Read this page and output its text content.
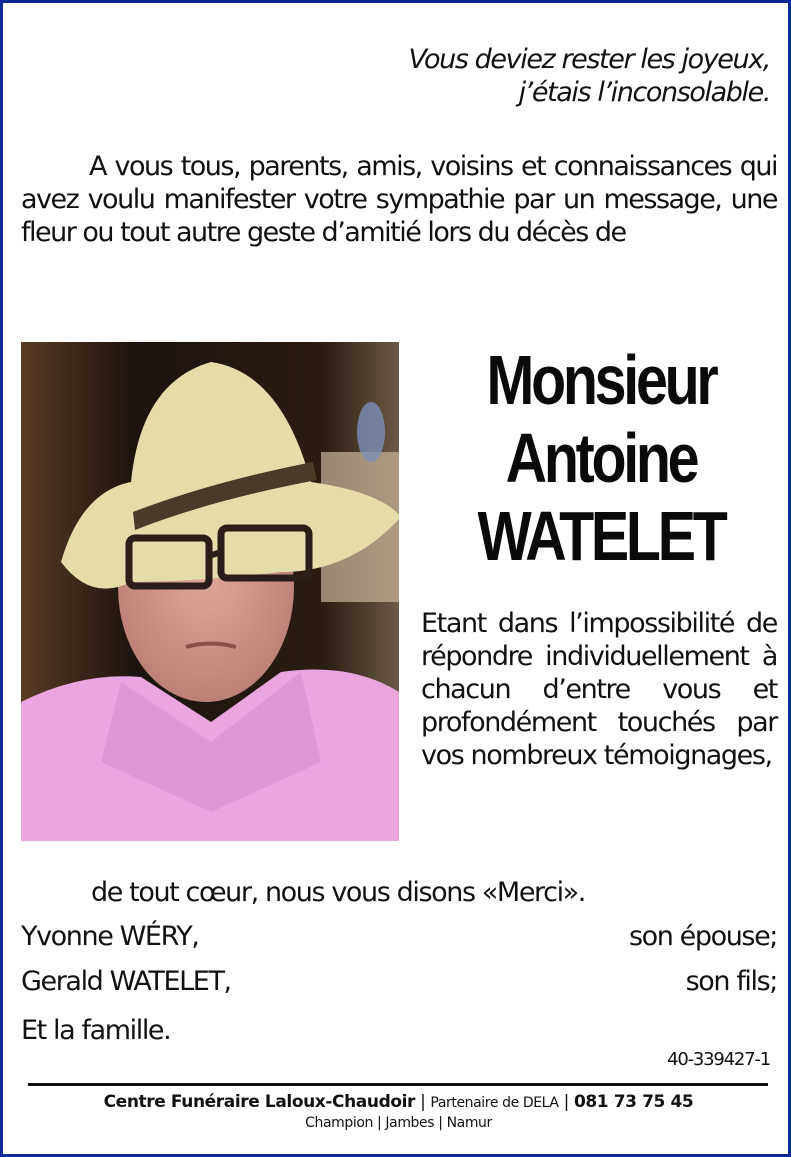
Vous deviez rester les joyeux,
j’étais l’inconsolable.
A vous tous, parents, amis, voisins et connaissances qui avez voulu manifester votre sympathie par un message, une fleur ou tout autre geste d’amitié lors du décès de
Monsieur
Antoine
WATELET
Etant dans l’impossibilité de répondre individuellement à chacun d’entre vous et profondément touchés par vos nombreux témoignages,
de tout cœur, nous vous disons «Merci».
Yvonne WÉRY,	son épouse;
Gerald WATELET,	son fils;
Et la famille.
40-339427-1
Centre Funéraire Laloux-Chaudoir | Partenaire de DELA | 081 73 75 45
Champion | Jambes | Namur
